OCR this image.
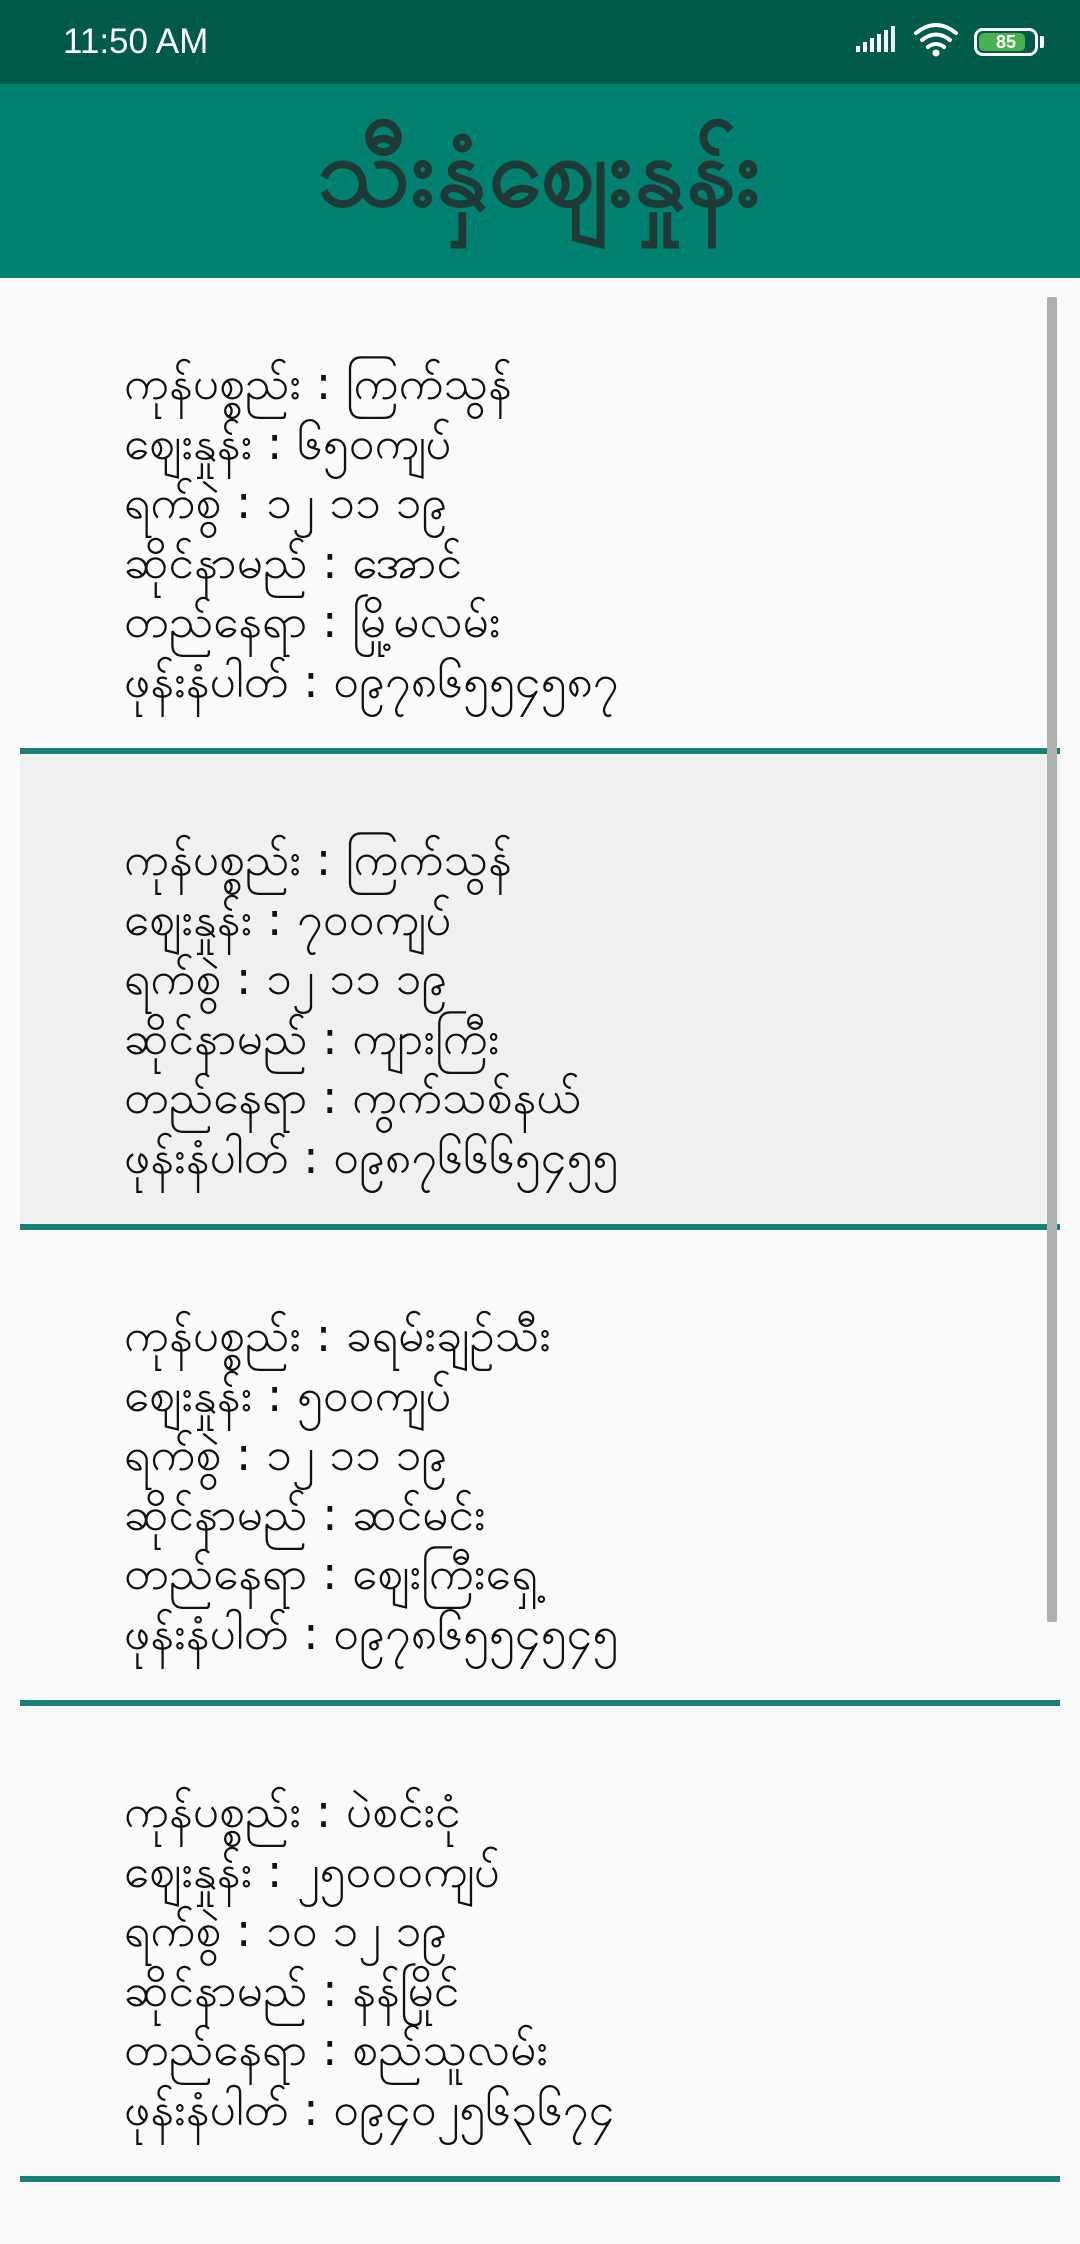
11:50 AM	85
သီးနှံဈေးနှုန်း
ကုန်ပစ္စည်း : ကြက်သွန်
ဈေးနှုန်း : ၆၅၀ကျပ်
ရက်စွဲ : ၁၂ ၁၁ ၁၉
ဆိုင်နာမည် : အောင်
တည်နေရာ : မြို့မလမ်း
ဖုန်းနံပါတ် : ၀၉၇၈၆၅၅၄၅၈၇
ကုန်ပစ္စည်း : ကြက်သွန်
ဈေးနှုန်း : ၇၀၀ကျပ်
ရက်စွဲ : ၁၂ ၁၁ ၁၉
ဆိုင်နာမည် : ကျားကြီး
တည်နေရာ : ကွက်သစ်နယ်
ဖုန်းနံပါတ် : ၀၉၈၇၆၆၆၅၄၅၅
ကုန်ပစ္စည်း : ခရမ်းချဥ်သီး
ဈေးနှုန်း : ၅၀၀ကျပ်
ရက်စွဲ : ၁၂ ၁၁ ၁၉
ဆိုင်နာမည် : ဆင်မင်း
တည်နေရာ : ဈေးကြီးရှေ့
ဖုန်းနံပါတ် : ၀၉၇၈၆၅၅၄၅၄၅
ကုန်ပစ္စည်း : ပဲစင်းငုံ
ဈေးနှုန်း : ၂၅၀၀၀ကျပ်
ရက်စွဲ : ၁၀ ၁၂ ၁၉
ဆိုင်နာမည် : နန်မြိုင်
တည်နေရာ : စည်သူလမ်း
ဖုန်းနံပါတ် : ၀၉၄၀၂၅၆၃၆၇၄
